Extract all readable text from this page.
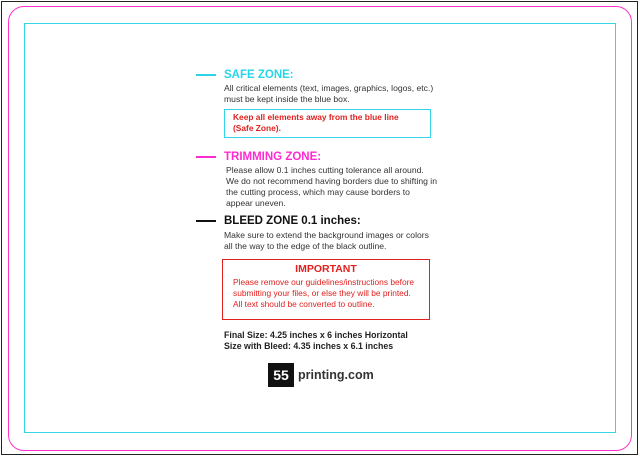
SAFE ZONE:
All critical elements (text, images, graphics, logos, etc.)
must be kept inside the blue box.
Keep all elements away from the blue line
(Safe Zone).
TRIMMING ZONE:
Please allow 0.1 inches cutting tolerance all around.
We do not recommend having borders due to shifting in
the cutting process, which may cause borders to
appear uneven.
BLEED ZONE 0.1 inches:
Make sure to extend the background images or colors
all the way to the edge of the black outline.
IMPORTANT
Please remove our guidelines/instructions before
submitting your files, or else they will be printed.
All text should be converted to outline.
Final Size: 4.25 inches x 6 inches Horizontal
Size with Bleed: 4.35 inches x 6.1 inches
55 printing.com
